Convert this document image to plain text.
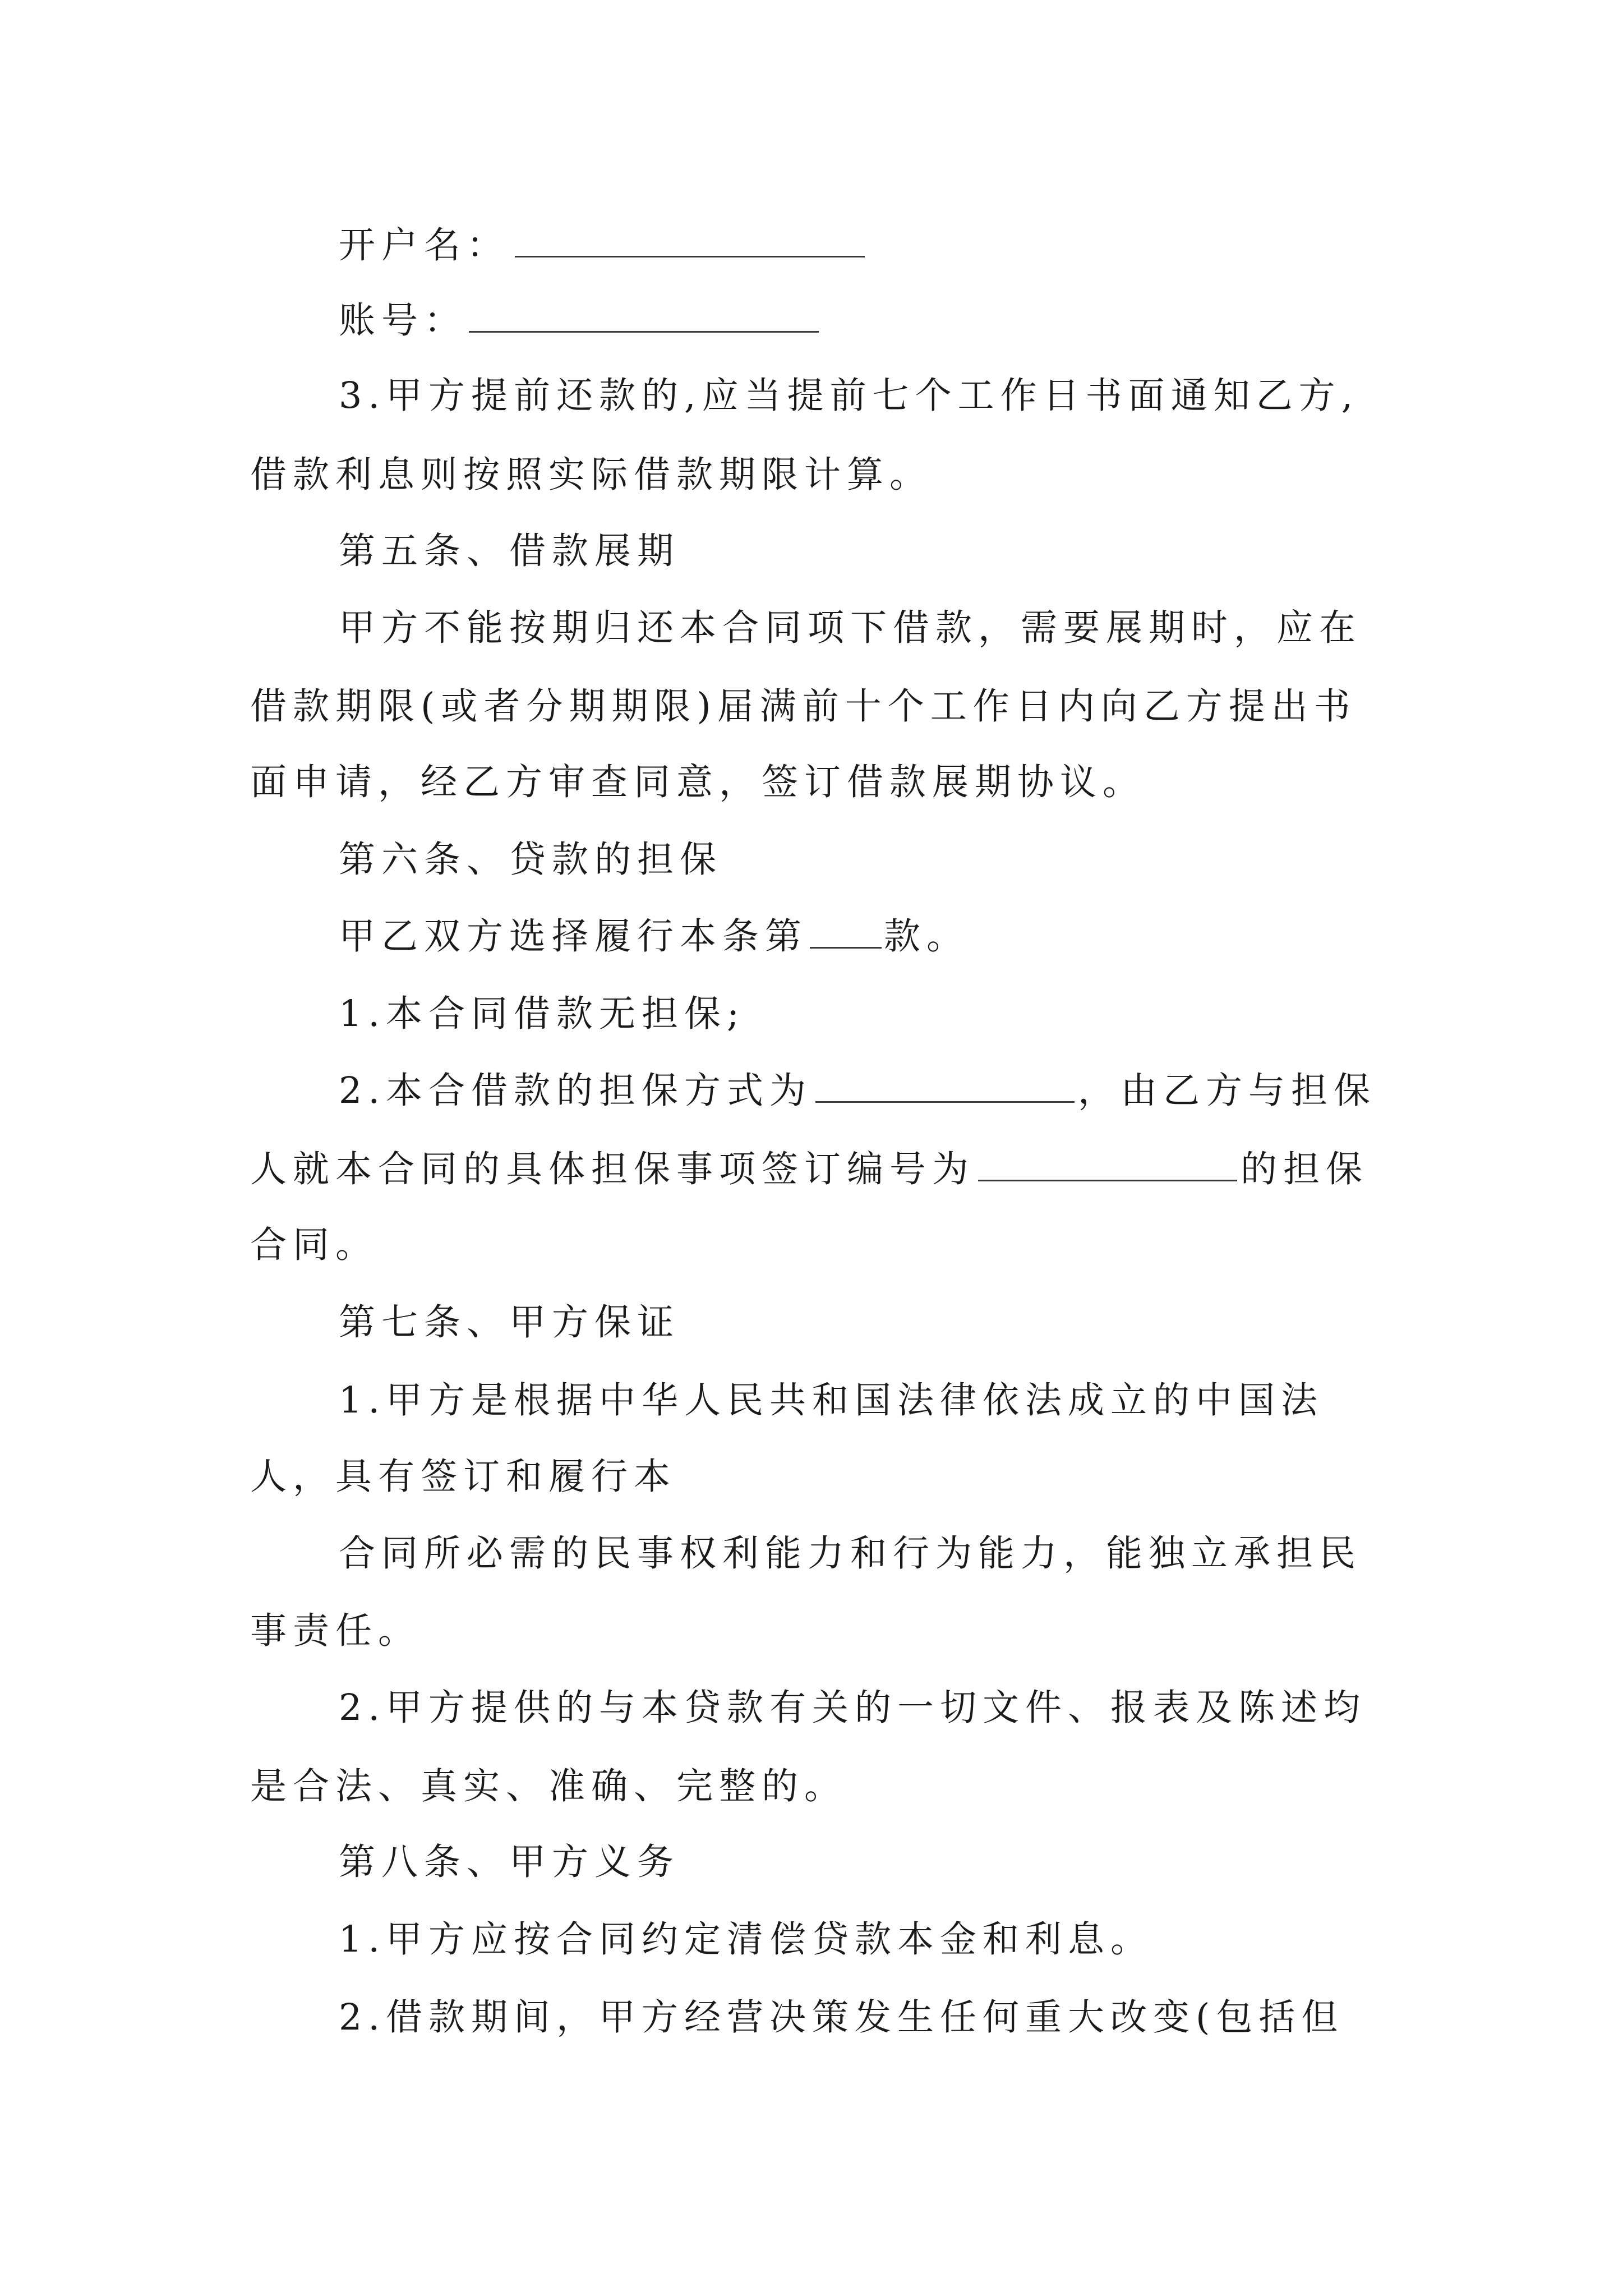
开户名：
账号：
3.甲方提前还款的,应当提前七个工作日书面通知乙方,
借款利息则按照实际借款期限计算。
第五条、借款展期
甲方不能按期归还本合同项下借款，需要展期时，应在
借款期限(或者分期期限)届满前十个工作日内向乙方提出书
面申请，经乙方审查同意，签订借款展期协议。
第六条、贷款的担保
甲乙双方选择履行本条第 款。
1.本合同借款无担保;
2.本合借款的担保方式为	，由乙方与担保
人就本合同的具体担保事项签订编号为	的担保
合同。
第七条、甲方保证
1.甲方是根据中华人民共和国法律依法成立的中国法
人，具有签订和履行本
合同所必需的民事权利能力和行为能力，能独立承担民
事责任。
2.甲方提供的与本贷款有关的一切文件、报表及陈述均
是合法、真实、准确、完整的。
第八条、甲方义务
1.甲方应按合同约定清偿贷款本金和利息。
2.借款期间，甲方经营决策发生任何重大改变(包括但
